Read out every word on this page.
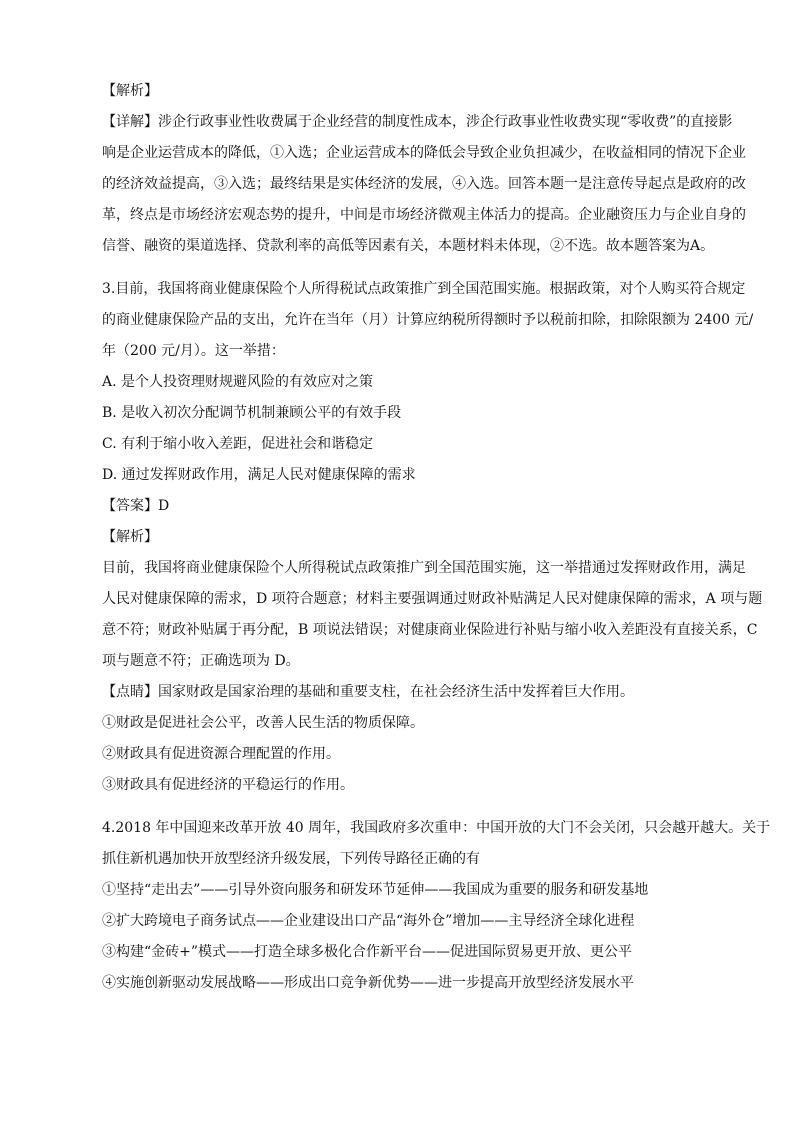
【解析】

【详解】涉企行政事业性收费属于企业经营的制度性成本，涉企行政事业性收费实现“零收费”的直接影

响是企业运营成本的降低，①入选；企业运营成本的降低会导致企业负担减少，在收益相同的情况下企业

的经济效益提高，③入选；最终结果是实体经济的发展，④入选。回答本题一是注意传导起点是政府的改

革，终点是市场经济宏观态势的提升，中间是市场经济微观主体活力的提高。企业融资压力与企业自身的

信誉、融资的渠道选择、贷款利率的高低等因素有关，本题材料未体现，②不选。故本题答案为A。

3.目前，我国将商业健康保险个人所得税试点政策推广到全国范围实施。根据政策，对个人购买符合规定

的商业健康保险产品的支出，允许在当年（月）计算应纳税所得额时予以税前扣除，扣除限额为 2400 元/

年（200 元/月）。这一举措：

A. 是个人投资理财规避风险的有效应对之策

B. 是收入初次分配调节机制兼顾公平的有效手段

C. 有利于缩小收入差距，促进社会和谐稳定

D. 通过发挥财政作用，满足人民对健康保障的需求

【答案】D

【解析】

目前，我国将商业健康保险个人所得税试点政策推广到全国范围实施，这一举措通过发挥财政作用，满足

人民对健康保障的需求，D 项符合题意；材料主要强调通过财政补贴满足人民对健康保障的需求，A 项与题

意不符；财政补贴属于再分配，B 项说法错误；对健康商业保险进行补贴与缩小收入差距没有直接关系，C

项与题意不符；正确选项为 D。

【点睛】国家财政是国家治理的基础和重要支柱，在社会经济生活中发挥着巨大作用。

①财政是促进社会公平，改善人民生活的物质保障。

②财政具有促进资源合理配置的作用。

③财政具有促进经济的平稳运行的作用。

4.2018 年中国迎来改革开放 40 周年，我国政府多次重申：中国开放的大门不会关闭，只会越开越大。关于

抓住新机遇加快开放型经济升级发展，下列传导路径正确的有

①坚持“走出去”——引导外资向服务和研发环节延伸——我国成为重要的服务和研发基地

②扩大跨境电子商务试点——企业建设出口产品“海外仓”增加——主导经济全球化进程

③构建“金砖+”模式——打造全球多极化合作新平台——促进国际贸易更开放、更公平

④实施创新驱动发展战略——形成出口竞争新优势——进一步提高开放型经济发展水平
